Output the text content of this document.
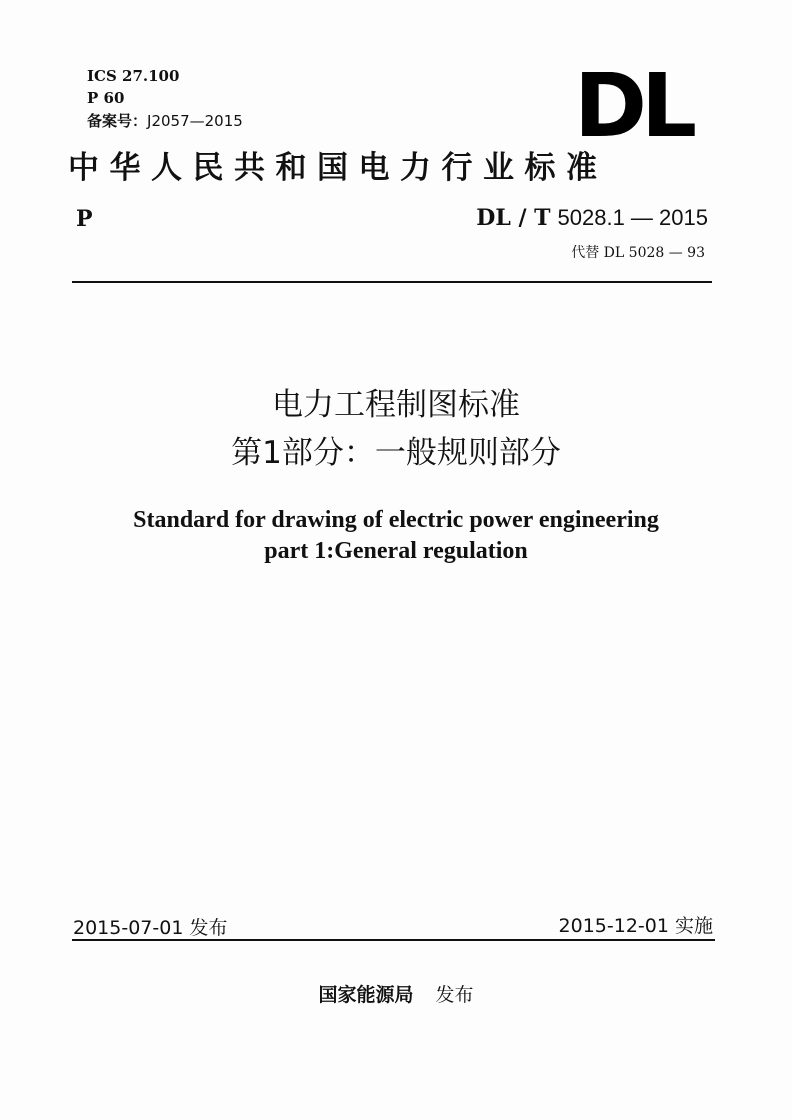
ICS 27.100
P 60
备案号：J2057—2015	DL
中华人民共和国电力行业标准
P	DL / T 5028.1 — 2015
代替 DL 5028 — 93
电力工程制图标准
第1部分：一般规则部分
Standard for drawing of electric power engineering
part 1:General regulation
2015-07-01 发布	2015-12-01 实施
国家能源局 发布
